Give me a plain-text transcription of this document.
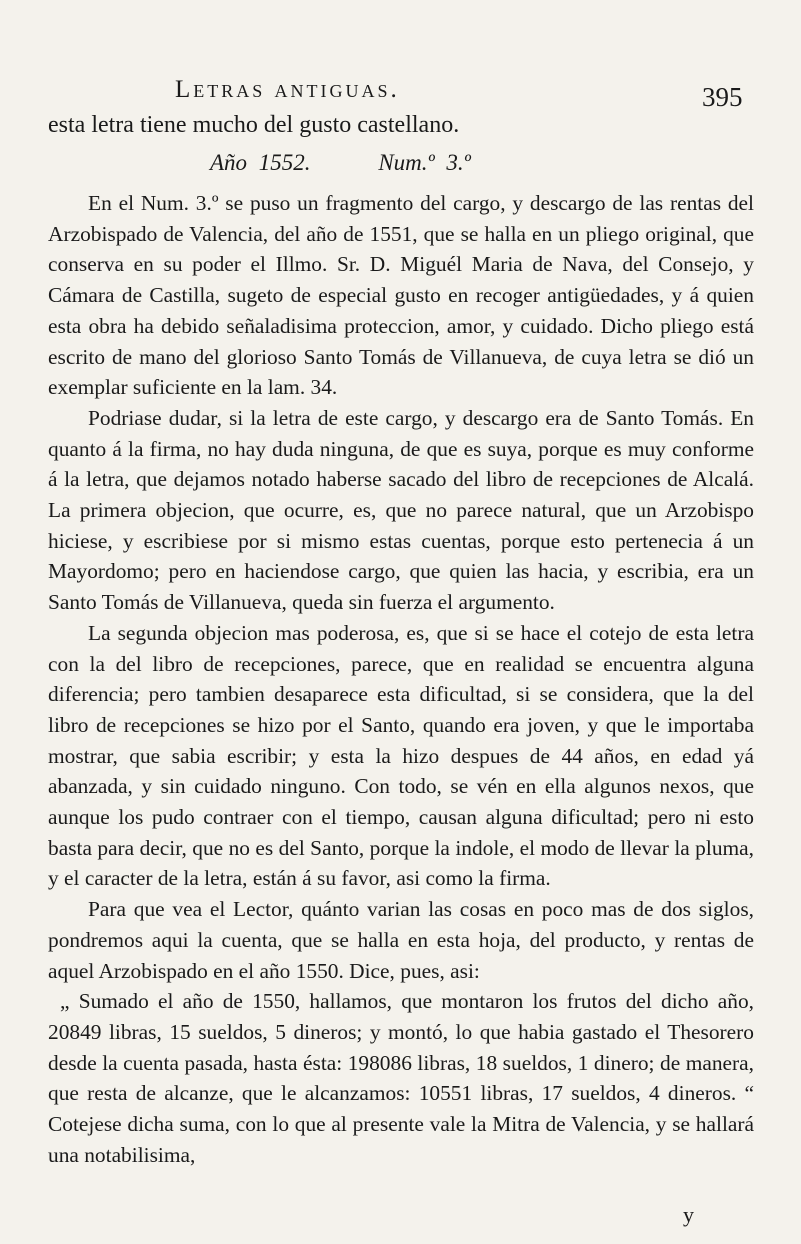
Letras antiguas.	395
esta letra tiene mucho del gusto castellano.
Año 1552.	Num.º 3.º

En el Num. 3.º se puso un fragmento del cargo, y descargo de las rentas del Arzobispado de Valencia, del año de 1551, que se halla en un pliego original, que conserva en su poder el Illmo. Sr. D. Miguél Maria de Nava, del Consejo, y Cámara de Castilla, sugeto de especial gusto en recoger antigüedades, y á quien esta obra ha debido señaladisima proteccion, amor, y cuidado. Dicho pliego está escrito de mano del glorioso Santo Tomás de Villanueva, de cuya letra se dió un exemplar suficiente en la lam. 34.

Podriase dudar, si la letra de este cargo, y descargo era de Santo Tomás. En quanto á la firma, no hay duda ninguna, de que es suya, porque es muy conforme á la letra, que dejamos notado haberse sacado del libro de recepciones de Alcalá. La primera objecion, que ocurre, es, que no parece natural, que un Arzobispo hiciese, y escribiese por si mismo estas cuentas, porque esto pertenecia á un Mayordomo; pero en haciendose cargo, que quien las hacia, y escribia, era un Santo Tomás de Villanueva, queda sin fuerza el argumento.

La segunda objecion mas poderosa, es, que si se hace el cotejo de esta letra con la del libro de recepciones, parece, que en realidad se encuentra alguna diferencia; pero tambien desaparece esta dificultad, si se considera, que la del libro de recepciones se hizo por el Santo, quando era joven, y que le importaba mostrar, que sabia escribir; y esta la hizo despues de 44 años, en edad yá abanzada, y sin cuidado ninguno. Con todo, se vén en ella algunos nexos, que aunque los pudo contraer con el tiempo, causan alguna dificultad; pero ni esto basta para decir, que no es del Santo, porque la indole, el modo de llevar la pluma, y el caracter de la letra, están á su favor, asi como la firma.

Para que vea el Lector, quánto varian las cosas en poco mas de dos siglos, pondremos aqui la cuenta, que se halla en esta hoja, del producto, y rentas de aquel Arzobispado en el año 1550. Dice, pues, asi:

„ Sumado el año de 1550, hallamos, que montaron los frutos del dicho año, 20849 libras, 15 sueldos, 5 dineros; y montó, lo que habia gastado el Thesorero desde la cuenta pasada, hasta ésta: 198086 libras, 18 sueldos, 1 dinero; de manera, que resta de alcanze, que le alcanzamos: 10551 libras, 17 sueldos, 4 dineros. “ Cotejese dicha suma, con lo que al presente vale la Mitra de Valencia, y se hallará una notabilisima,

y
